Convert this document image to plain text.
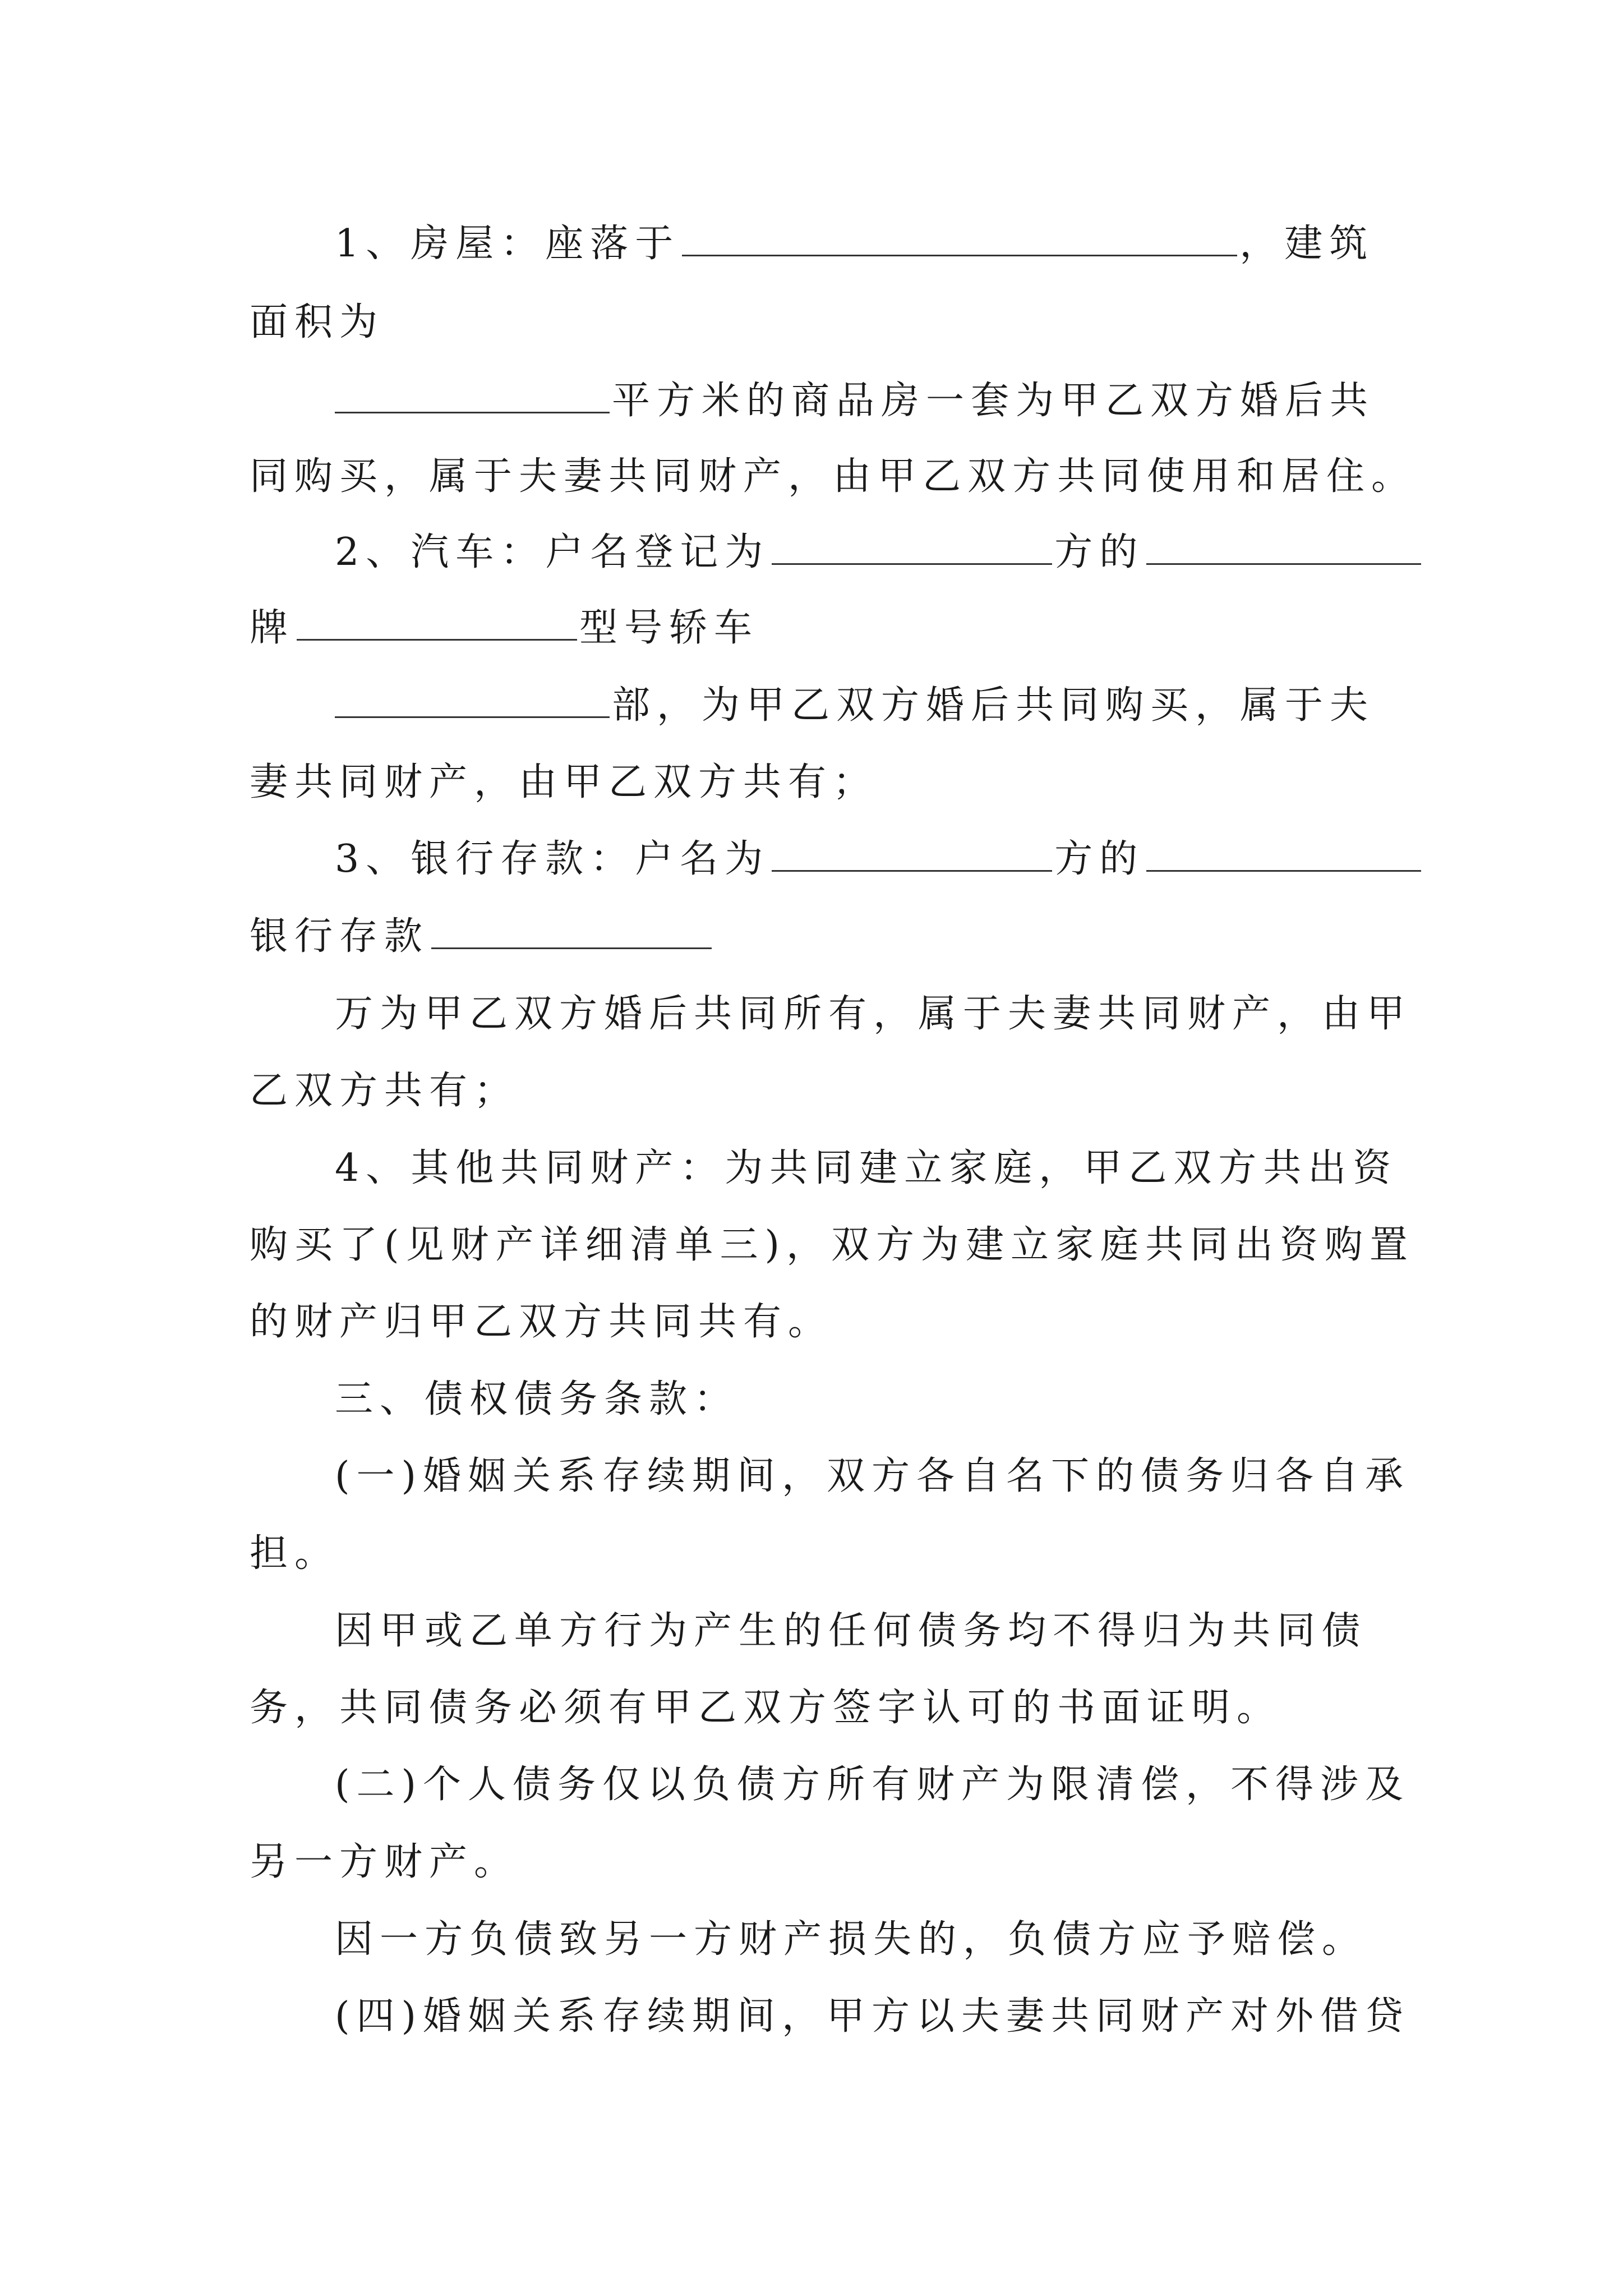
1、房屋：座落于	，建筑
面积为
平方米的商品房一套为甲乙双方婚后共
同购买，属于夫妻共同财产，由甲乙双方共同使用和居住。
2、汽车：户名登记为	方的
牌	型号轿车
部，为甲乙双方婚后共同购买，属于夫
妻共同财产，由甲乙双方共有；
3、银行存款：户名为	方的
银行存款
万为甲乙双方婚后共同所有，属于夫妻共同财产，由甲
乙双方共有；
4、其他共同财产：为共同建立家庭，甲乙双方共出资
购买了(见财产详细清单三)，双方为建立家庭共同出资购置
的财产归甲乙双方共同共有。
三、债权债务条款：
(一)婚姻关系存续期间，双方各自名下的债务归各自承
担。
因甲或乙单方行为产生的任何债务均不得归为共同债
务，共同债务必须有甲乙双方签字认可的书面证明。
(二)个人债务仅以负债方所有财产为限清偿，不得涉及
另一方财产。
因一方负债致另一方财产损失的，负债方应予赔偿。
(四)婚姻关系存续期间，甲方以夫妻共同财产对外借贷
